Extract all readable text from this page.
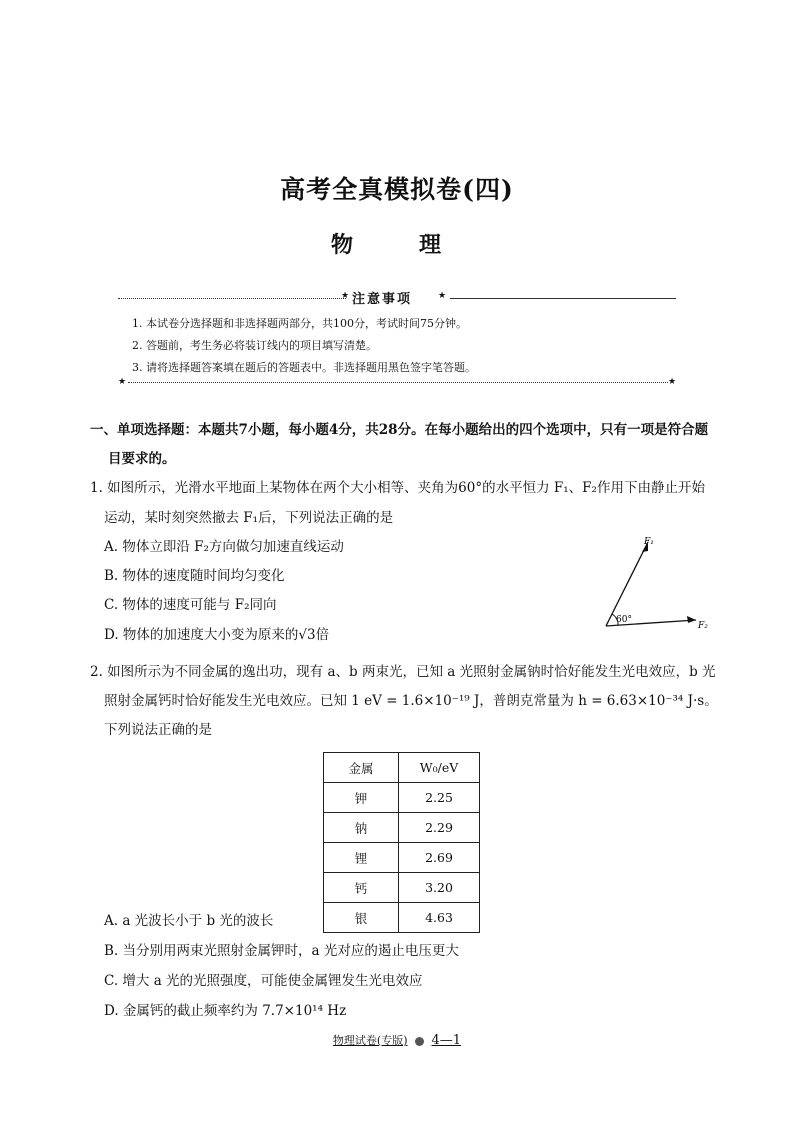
高考全真模拟卷(四)
物　理
★ 注意事项	★
1. 本试卷分选择题和非选择题两部分，共100分，考试时间75分钟。
2. 答题前，考生务必将装订线内的项目填写清楚。
3. 请将选择题答案填在题后的答题表中。非选择题用黑色签字笔答题。
★	★
一、单项选择题：本题共7小题，每小题4分，共28分。在每小题给出的四个选项中，只有一项是符合题
目要求的。
1. 如图所示，光滑水平地面上某物体在两个大小相等、夹角为60°的水平恒力 F₁、F₂作用下由静止开始
运动，某时刻突然撤去 F₁后，下列说法正确的是
A. 物体立即沿 F₂方向做匀加速直线运动
B. 物体的速度随时间均匀变化
C. 物体的速度可能与 F₂同向
D. 物体的加速度大小变为原来的√3倍
F₁
F₂
60°
2. 如图所示为不同金属的逸出功，现有 a、b 两束光，已知 a 光照射金属钠时恰好能发生光电效应，b 光
照射金属钙时恰好能发生光电效应。已知 1 eV = 1.6×10⁻¹⁹ J，普朗克常量为 h = 6.63×10⁻³⁴ J·s。
下列说法正确的是
金属	W₀/eV
钾	2.25
钠	2.29
锂	2.69
钙	3.20
银	4.63
A. a 光波长小于 b 光的波长
B. 当分别用两束光照射金属钾时，a 光对应的遏止电压更大
C. 增大 a 光的光照强度，可能使金属锂发生光电效应
D. 金属钙的截止频率约为 7.7×10¹⁴ Hz
物理试卷(专版) 4—1
